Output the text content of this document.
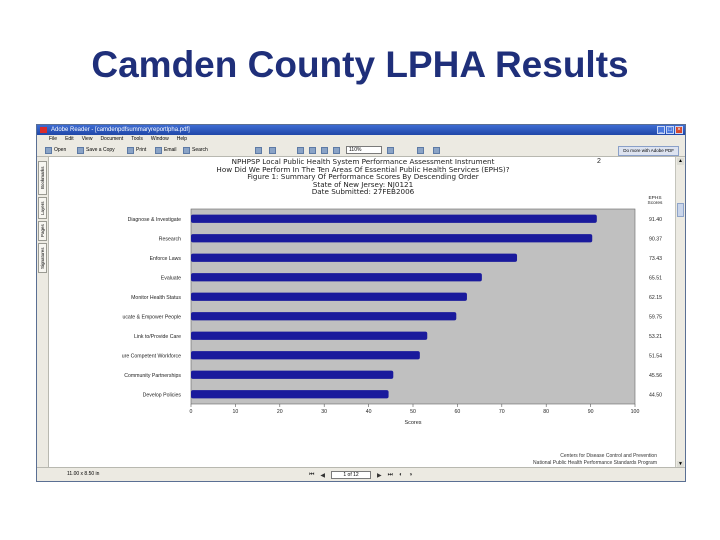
Camden County LPHA Results
Adobe Reader - [camdenpdfsummaryreportlpha.pdf]	_ □ ×
File Edit View Document Tools Window Help
Open	Save a Copy	Print	Email	Search	110%	Do more with Adobe PDF
Bookmarks
Layers
Pages
Signatures
NPHPSP Local Public Health System Performance Assessment Instrument
How Did We Perform In The Ten Areas Of Essential Public Health Services (EPHS)?
Figure 1: Summary Of Performance Scores By Descending Order
State of New Jersey: NJ0121
Date Submitted: 27FEB2006
2
Diagnose & Investigate	91.40
Research	90.37
Enforce Laws	73.43
Evaluate	65.51
Monitor Health Status	62.15
ucate & Empower People	59.75
Link to/Provide Care	53.21
ure Competent Workforce	51.54
Community Partnerships	45.56
Develop Policies	44.50
EPHS
Scores
0	10	20	30	40	50	60	70	80	90	100
Scores
Centers for Disease Control and Prevention
National Public Health Performance Standards Program
▲
▼
11.00 x 8.50 in	⏮ ◀	1 of 12	▶ ⏭ ◐ ◑
